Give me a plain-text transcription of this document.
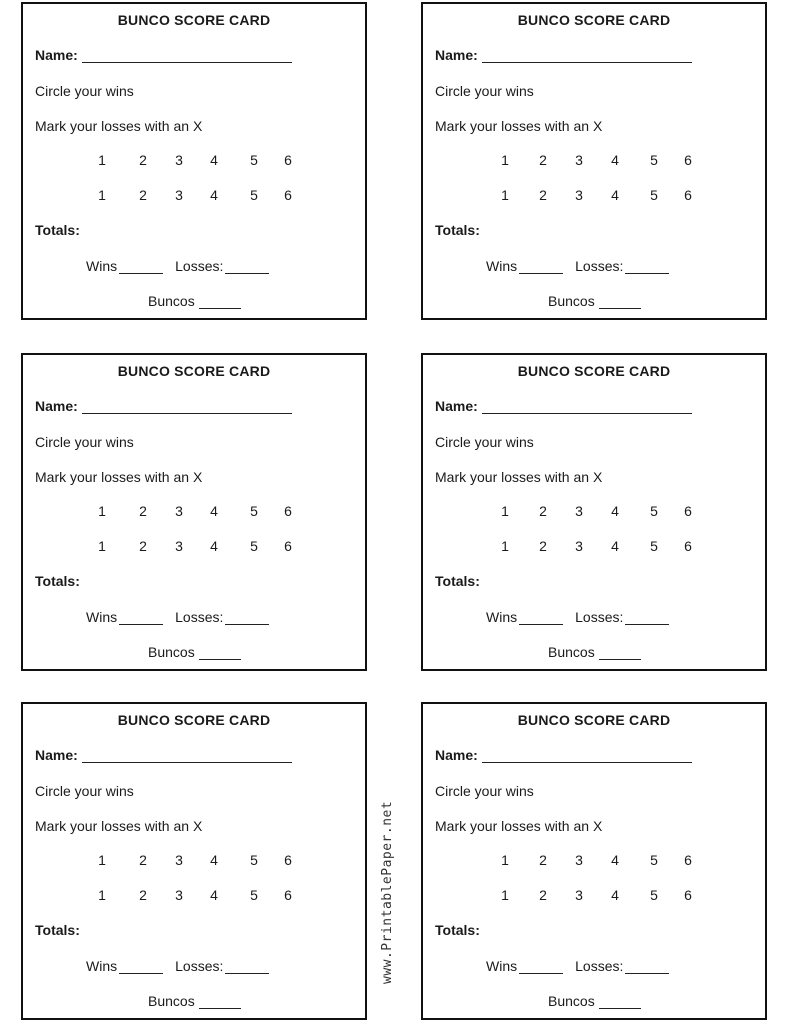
BUNCO SCORE CARD
Name:
Circle your wins
Mark your losses with an X
1 2 3 4 5 6
1 2 3 4 5 6
Totals:
Wins	Losses:
Buncos
BUNCO SCORE CARD
Name:
Circle your wins
Mark your losses with an X
1 2 3 4 5 6
1 2 3 4 5 6
Totals:
Wins	Losses:
Buncos
BUNCO SCORE CARD
Name:
Circle your wins
Mark your losses with an X
1 2 3 4 5 6
1 2 3 4 5 6
Totals:
Wins	Losses:
Buncos
BUNCO SCORE CARD
Name:
Circle your wins
Mark your losses with an X
1 2 3 4 5 6
1 2 3 4 5 6
Totals:
Wins	Losses:
Buncos
BUNCO SCORE CARD
Name:
Circle your wins
Mark your losses with an X
1 2 3 4 5 6
1 2 3 4 5 6
Totals:
Wins	Losses:
Buncos
BUNCO SCORE CARD
Name:
Circle your wins
Mark your losses with an X
1 2 3 4 5 6
1 2 3 4 5 6
Totals:
Wins	Losses:
Buncos
www.PrintablePaper.net
